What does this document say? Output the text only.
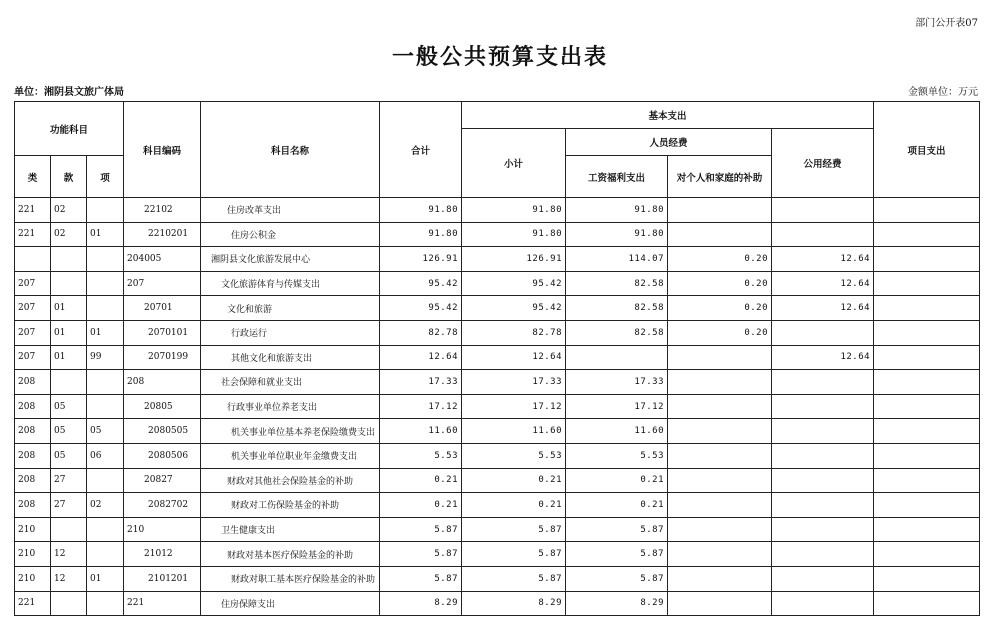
部门公开表07
一般公共预算支出表
单位：湘阴县文旅广体局	金额单位：万元
功能科目			科目编码	科目名称	合计	基本支出				项目支出
						小计	人员经费		公用经费	
类	款	项					工资福利支出	对个人和家庭的补助		
221	02		22102	住房改革支出	91.80	91.80	91.80			
221	02	01	2210201	住房公积金	91.80	91.80	91.80			
			204005	湘阴县文化旅游发展中心	126.91	126.91	114.07	0.20	12.64	
207			207	文化旅游体育与传媒支出	95.42	95.42	82.58	0.20	12.64	
207	01		20701	文化和旅游	95.42	95.42	82.58	0.20	12.64	
207	01	01	2070101	行政运行	82.78	82.78	82.58	0.20		
207	01	99	2070199	其他文化和旅游支出	12.64	12.64			12.64	
208			208	社会保障和就业支出	17.33	17.33	17.33			
208	05		20805	行政事业单位养老支出	17.12	17.12	17.12			
208	05	05	2080505	机关事业单位基本养老保险缴费支出	11.60	11.60	11.60			
208	05	06	2080506	机关事业单位职业年金缴费支出	5.53	5.53	5.53			
208	27		20827	财政对其他社会保险基金的补助	0.21	0.21	0.21			
208	27	02	2082702	财政对工伤保险基金的补助	0.21	0.21	0.21			
210			210	卫生健康支出	5.87	5.87	5.87			
210	12		21012	财政对基本医疗保险基金的补助	5.87	5.87	5.87			
210	12	01	2101201	财政对职工基本医疗保险基金的补助	5.87	5.87	5.87			
221			221	住房保障支出	8.29	8.29	8.29			
